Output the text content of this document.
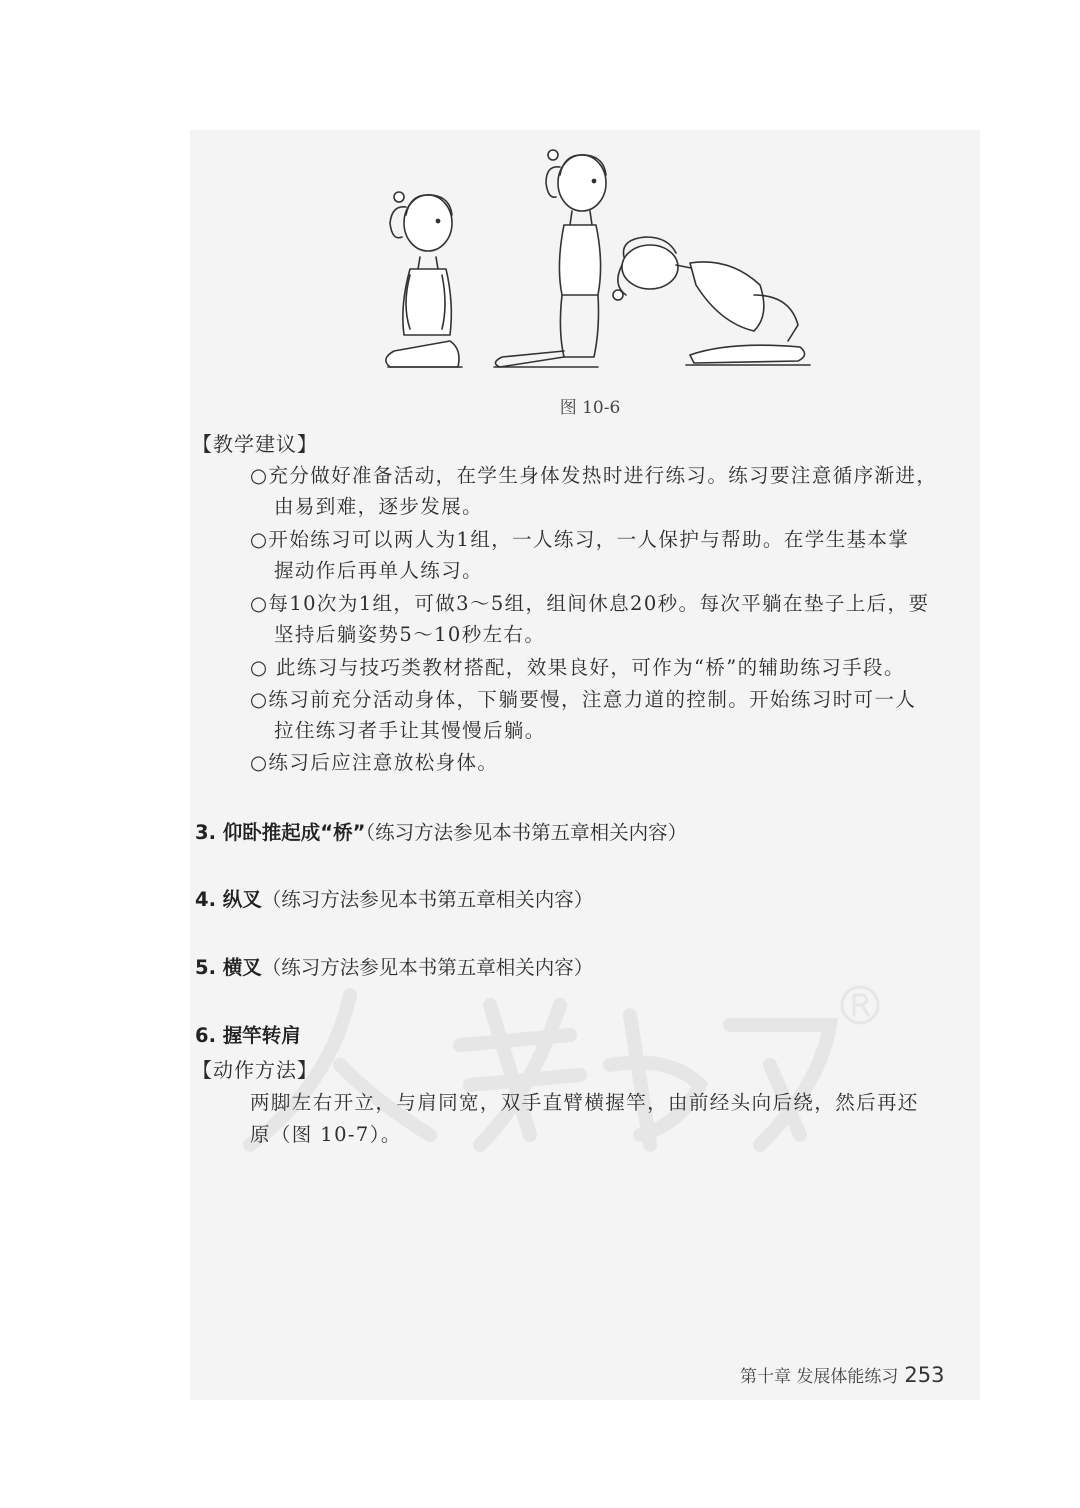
图 10-6
【教学建议】
○充分做好准备活动，在学生身体发热时进行练习。练习要注意循序渐进，
由易到难，逐步发展。
○开始练习可以两人为1组，一人练习，一人保护与帮助。在学生基本掌
握动作后再单人练习。
○每10次为1组，可做3～5组，组间休息20秒。每次平躺在垫子上后，要
坚持后躺姿势5～10秒左右。
○ 此练习与技巧类教材搭配，效果良好，可作为“桥”的辅助练习手段。
○练习前充分活动身体，下躺要慢，注意力道的控制。开始练习时可一人
拉住练习者手让其慢慢后躺。
○练习后应注意放松身体。
3. 仰卧推起成“桥”（练习方法参见本书第五章相关内容）
4. 纵叉（练习方法参见本书第五章相关内容）
5. 横叉（练习方法参见本书第五章相关内容）
6. 握竿转肩
【动作方法】
两脚左右开立，与肩同宽，双手直臂横握竿，由前经头向后绕，然后再还
原（图 10-7）。
第十章 发展体能练习 253
